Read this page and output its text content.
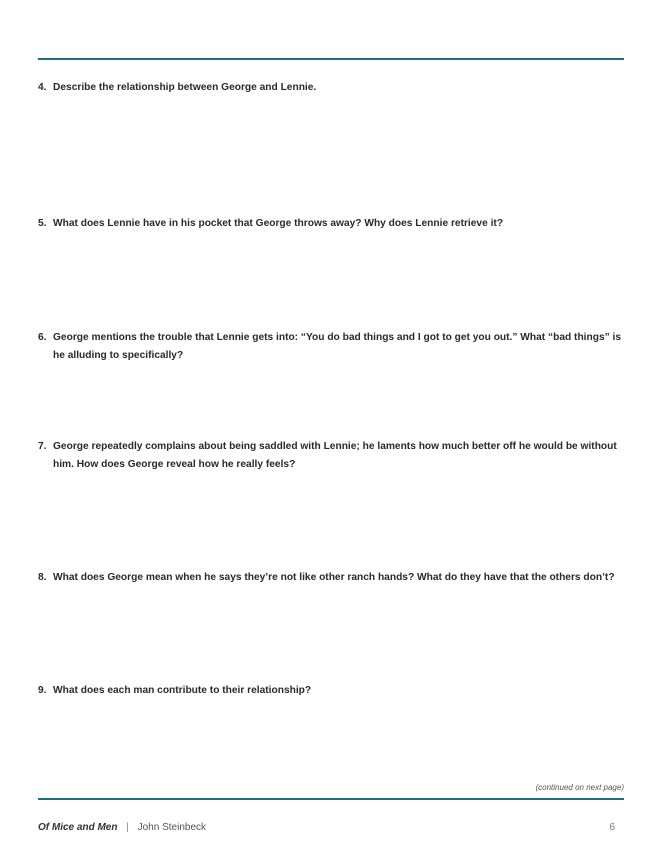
4. Describe the relationship between George and Lennie.
5. What does Lennie have in his pocket that George throws away? Why does Lennie retrieve it?
6. George mentions the trouble that Lennie gets into: “You do bad things and I got to get you out.” What “bad things” is he alluding to specifically?
7. George repeatedly complains about being saddled with Lennie; he laments how much better off he would be without him. How does George reveal how he really feels?
8. What does George mean when he says they’re not like other ranch hands? What do they have that the others don’t?
9. What does each man contribute to their relationship?
(continued on next page)
Of Mice and Men | John Steinbeck	6
